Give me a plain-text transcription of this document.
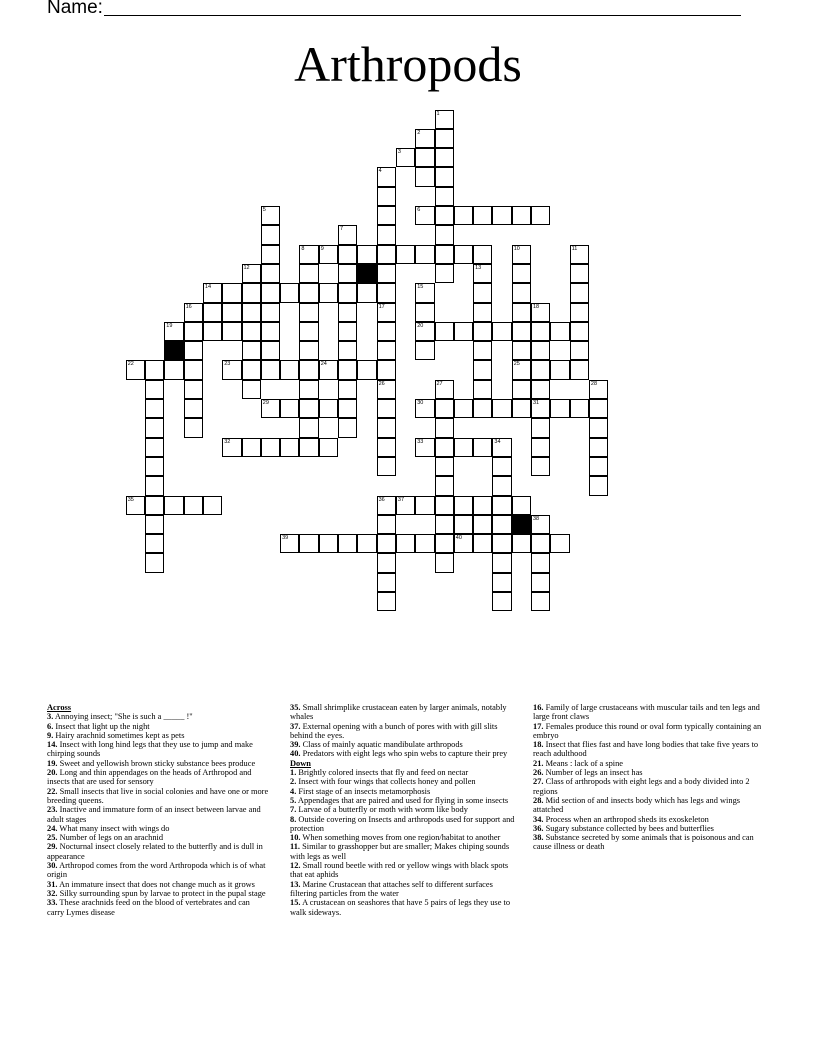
Name:
Arthropods
1
2
3
4
17
5	6
7
8	9	10
25
11
12	13
14	15
20
16	18
31
19
22	23	24
26	27	28
29	30
32	33	34
35	36 37
38
39	40
Across
3. Annoying insect; "She is such a _____ !"
6. Insect that light up the night
9. Hairy arachnid sometimes kept as pets
14. Insect with long hind legs that they use to jump and make chirping sounds
19. Sweet and yellowish brown sticky substance bees produce
20. Long and thin appendages on the heads of Arthropod and insects that are used for sensory
22. Small insects that live in social colonies and have one or more breeding queens.
23. Inactive and immature form of an insect between larvae and adult stages
24. What many insect with wings do
25. Number of legs on an arachnid
29. Nocturnal insect closely related to the butterfly and is dull in appearance
30. Arthropod comes from the word Arthropoda which is of what origin
31. An immature insect that does not change much as it grows
32. Silky surrounding spun by larvae to protect in the pupal stage
33. These arachnids feed on the blood of vertebrates and can carry Lymes disease
35. Small shrimplike crustacean eaten by larger animals, notably whales
37. External opening with a bunch of pores with with gill slits behind the eyes.
39. Class of mainly aquatic mandibulate arthropods
40. Predators with eight legs who spin webs to capture their prey
Down
1. Brightly colored insects that fly and feed on nectar
2. Insect with four wings that collects honey and pollen
4. First stage of an insects metamorphosis
5. Appendages that are paired and used for flying in some insects
7. Larvae of a butterfly or moth with worm like body
8. Outside covering on Insects and arthropods used for support and protection
10. When something moves from one region/habitat to another
11. Similar to grasshopper but are smaller; Makes chiping sounds with legs as well
12. Small round beetle with red or yellow wings with black spots that eat aphids
13. Marine Crustacean that attaches self to different surfaces filtering particles from the water
15. A crustacean on seashores that have 5 pairs of legs they use to walk sideways.
16. Family of large crustaceans with muscular tails and ten legs and large front claws
17. Females produce this round or oval form typically containing an embryo
18. Insect that flies fast and have long bodies that take five years to reach adulthood
21. Means : lack of a spine
26. Number of legs an insect has
27. Class of arthropods with eight legs and a body divided into 2 regions
28. Mid section of and insects body which has legs and wings attatched
34. Process when an arthropod sheds its exoskeleton
36. Sugary substance collected by bees and butterflies
38. Substance secreted by some animals that is poisonous and can cause illness or death
